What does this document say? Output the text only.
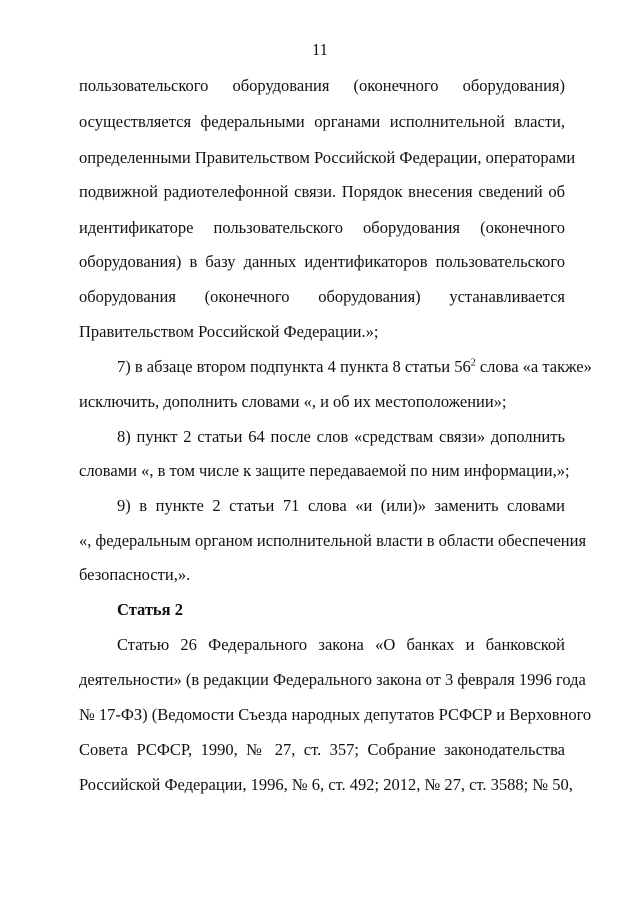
11
пользовательского оборудования (оконечного оборудования)
осуществляется федеральными органами исполнительной власти,
определенными Правительством Российской Федерации, операторами
подвижной радиотелефонной связи. Порядок внесения сведений об
идентификаторе пользовательского оборудования (оконечного
оборудования) в базу данных идентификаторов пользовательского
оборудования (оконечного оборудования) устанавливается
Правительством Российской Федерации.»;
7) в абзаце втором подпункта 4 пункта 8 статьи $56^2$ слова «а также»
исключить, дополнить словами «, и об их местоположении»;
8) пункт 2 статьи 64 после слов «средствам связи» дополнить
словами «, в том числе к защите передаваемой по ним информации,»;
9) в пункте 2 статьи 71 слова «и (или)» заменить словами
«, федеральным органом исполнительной власти в области обеспечения
безопасности,».
Статья 2
Статью 26 Федерального закона «О банках и банковской
деятельности» (в редакции Федерального закона от 3 февраля 1996 года
№ 17-ФЗ) (Ведомости Съезда народных депутатов РСФСР и Верховного
Совета РСФСР, 1990, № 27, ст. 357; Собрание законодательства
Российской Федерации, 1996, № 6, ст. 492; 2012, № 27, ст. 3588; № 50,
